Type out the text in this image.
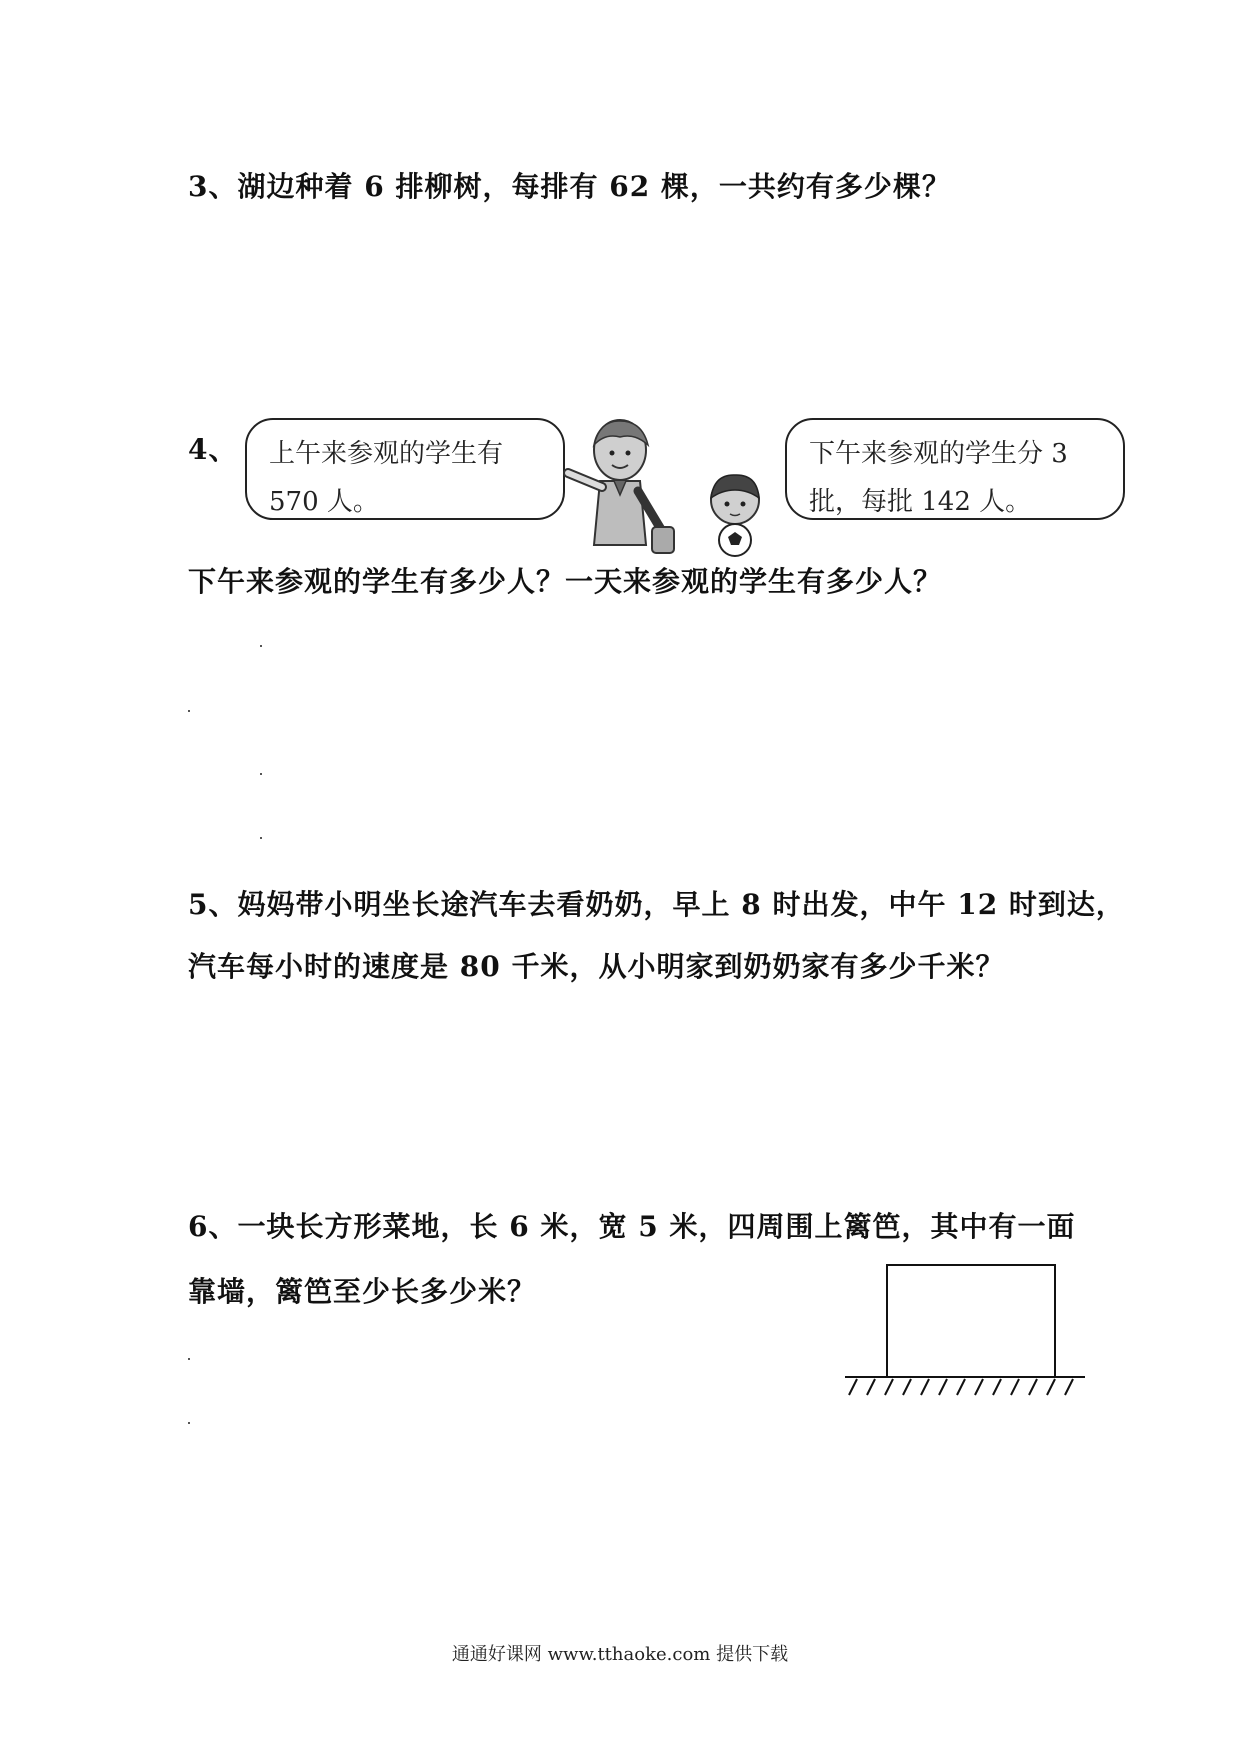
3、湖边种着 6 排柳树，每排有 62 棵，一共约有多少棵？
4、 上午来参观的学生有
570 人。
下午来参观的学生分 3
批，每批 142 人。
下午来参观的学生有多少人？一天来参观的学生有多少人？
5、妈妈带小明坐长途汽车去看奶奶，早上 8 时出发，中午 12 时到达，
汽车每小时的速度是 80 千米，从小明家到奶奶家有多少千米？
6、一块长方形菜地，长 6 米，宽 5 米，四周围上篱笆，其中有一面
靠墙，篱笆至少长多少米？
通通好课网 www.tthaoke.com 提供下载
